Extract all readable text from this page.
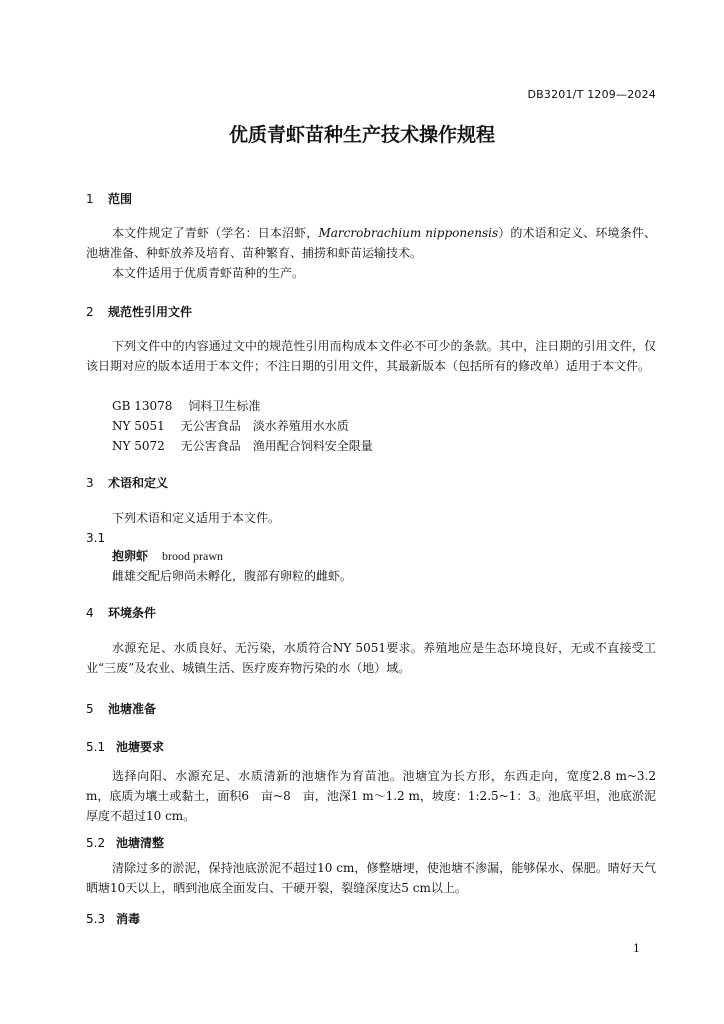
DB3201/T 1209—2024
优质青虾苗种生产技术操作规程
1 范围

本文件规定了青虾（学名：日本沼虾，Marcrobrachium nipponensis）的术语和定义、环境条件、池塘准备、种虾放养及培育、苗种繁育、捕捞和虾苗运输技术。

本文件适用于优质青虾苗种的生产。

2 规范性引用文件

下列文件中的内容通过文中的规范性引用而构成本文件必不可少的条款。其中，注日期的引用文件，仅该日期对应的版本适用于本文件；不注日期的引用文件，其最新版本（包括所有的修改单）适用于本文件。

GB 13078 饲料卫生标准

NY 5051 无公害食品　淡水养殖用水水质

NY 5072 无公害食品　渔用配合饲料安全限量

3 术语和定义

下列术语和定义适用于本文件。

3.1

抱卵虾 brood prawn

雌雄交配后卵尚未孵化，腹部有卵粒的雌虾。

4 环境条件

水源充足、水质良好、无污染，水质符合NY 5051要求。养殖地应是生态环境良好，无或不直接受工业“三废”及农业、城镇生活、医疗废弃物污染的水（地）域。

5 池塘准备
5.1 池塘要求

选择向阳、水源充足、水质清新的池塘作为育苗池。池塘宜为长方形，东西走向，宽度2.8 m~3.2 m，底质为壤土或黏土，面积6　亩~8　亩，池深1 m～1.2 m，坡度：1:2.5~1：3。池底平坦，池底淤泥厚度不超过10 cm。

5.2 池塘清整

清除过多的淤泥，保持池底淤泥不超过10 cm，修整塘埂，使池塘不渗漏，能够保水、保肥。晴好天气晒塘10天以上，晒到池底全面发白、干硬开裂，裂缝深度达5 cm以上。

5.3 消毒
1
